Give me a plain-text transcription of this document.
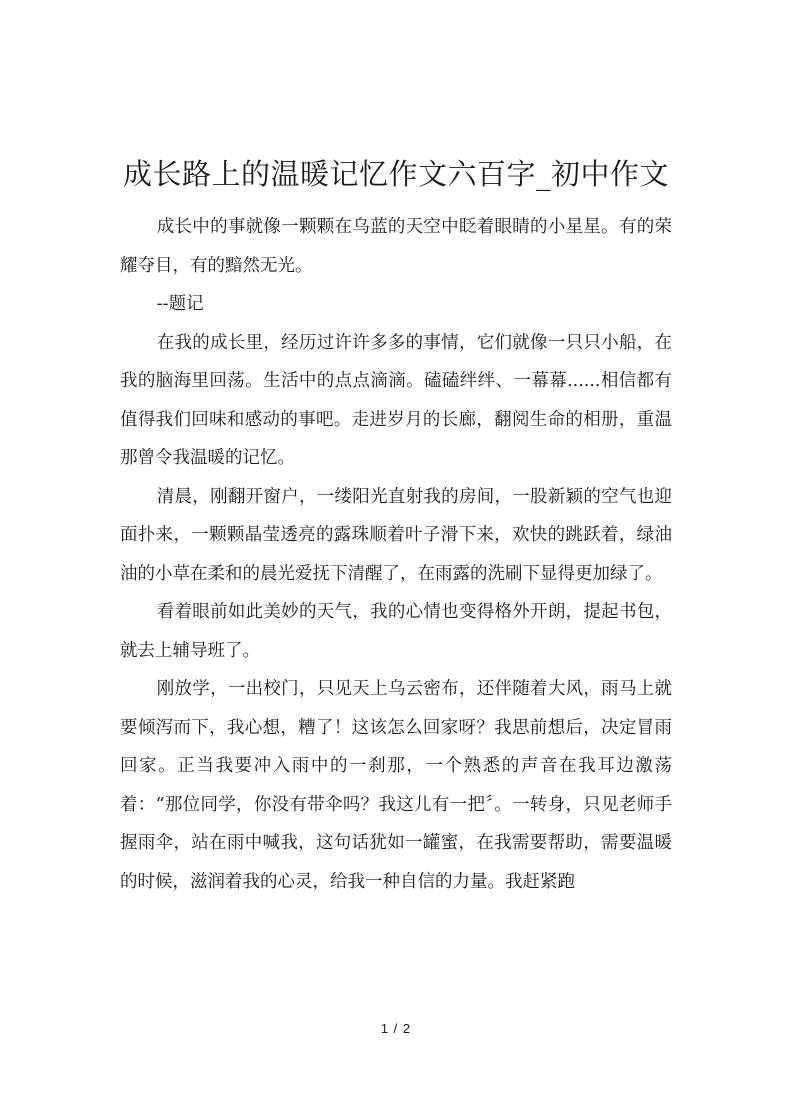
成长路上的温暖记忆作文六百字_初中作文

成长中的事就像一颗颗在乌蓝的天空中眨着眼睛的小星星。有的荣耀夺目，有的黯然无光。

--题记

在我的成长里，经历过许许多多的事情，它们就像一只只小船，在我的脑海里回荡。生活中的点点滴滴。磕磕绊绊、一幕幕......相信都有值得我们回味和感动的事吧。走进岁月的长廊，翻阅生命的相册，重温那曾令我温暖的记忆。

清晨，刚翻开窗户，一缕阳光直射我的房间，一股新颖的空气也迎面扑来，一颗颗晶莹透亮的露珠顺着叶子滑下来，欢快的跳跃着，绿油油的小草在柔和的晨光爱抚下清醒了，在雨露的洗刷下显得更加绿了。

看着眼前如此美妙的天气，我的心情也变得格外开朗，提起书包，就去上辅导班了。

刚放学，一出校门，只见天上乌云密布，还伴随着大风，雨马上就要倾泻而下，我心想，糟了！这该怎么回家呀？我思前想后，决定冒雨回家。正当我要冲入雨中的一刹那，一个熟悉的声音在我耳边激荡着：“那位同学，你没有带伞吗？我这儿有一把〞。一转身，只见老师手握雨伞，站在雨中喊我，这句话犹如一罐蜜，在我需要帮助，需要温暖的时候，滋润着我的心灵，给我一种自信的力量。我赶紧跑

1 / 2
